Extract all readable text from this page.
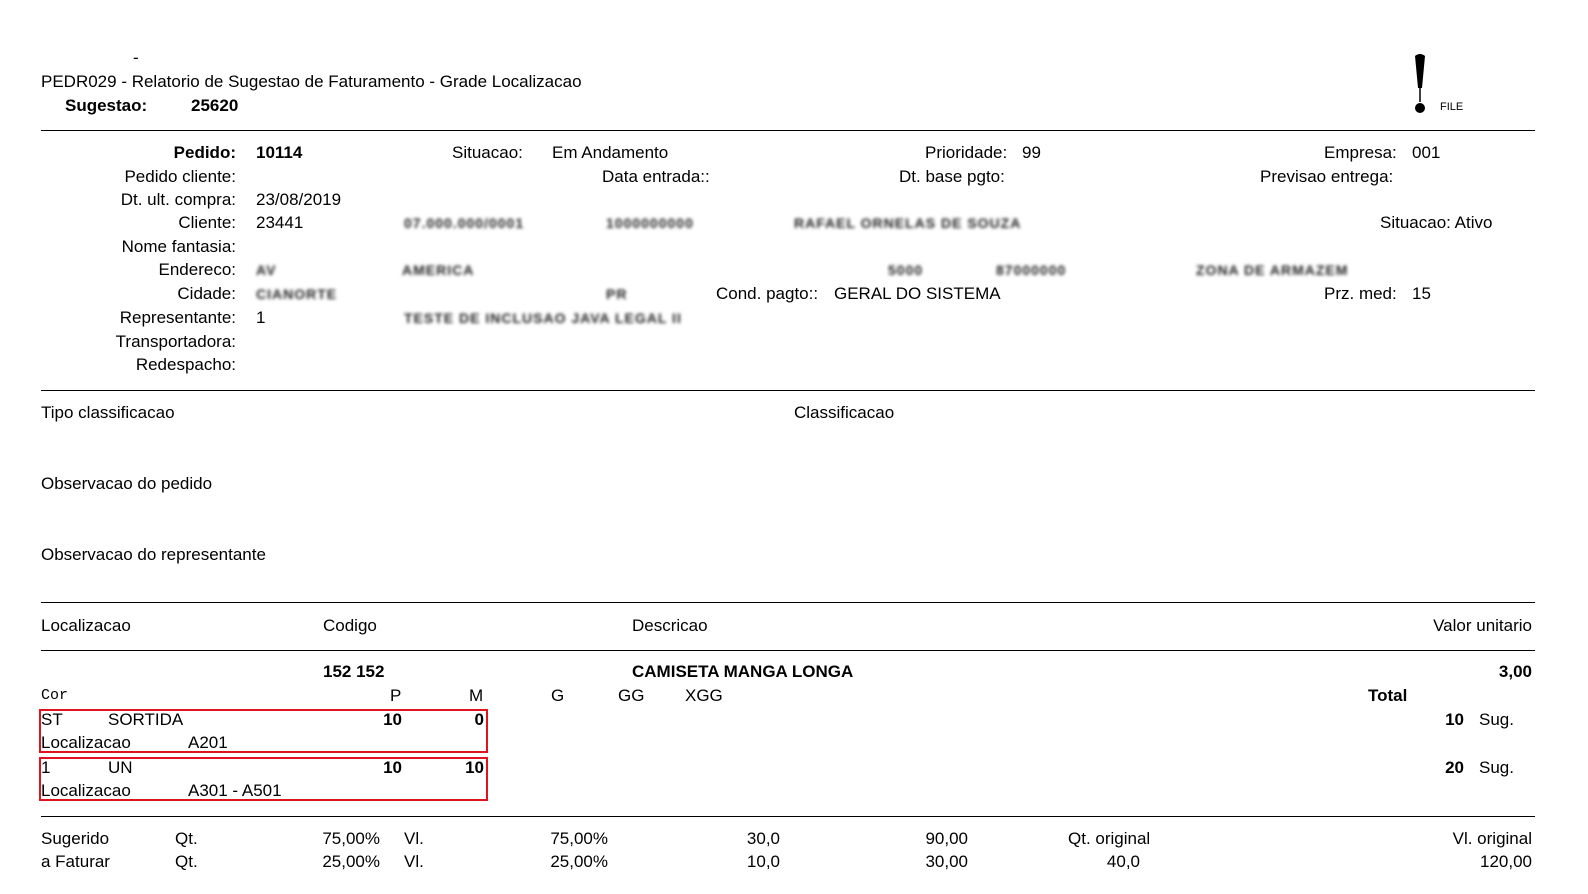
-
PEDR029 - Relatorio de Sugestao de Faturamento - Grade Localizacao
Sugestao:	25620	FILE
Pedido: 10114	Situacao: Em Andamento	Prioridade: 99	Empresa: 001
Pedido cliente:	Data entrada::	Dt. base pgto:	Previsao entrega:
Dt. ult. compra: 23/08/2019
Cliente: 23441	07.000.000/0001	1000000000	RAFAEL ORNELAS DE SOUZA	Situacao: Ativo
Nome fantasia:
Endereco: AV	AMERICA	5000	87000000	ZONA DE ARMAZEM
Cidade: CIANORTE	PR	Cond. pagto:: GERAL DO SISTEMA	Prz. med: 15
Representante: 1	TESTE DE INCLUSAO JAVA LEGAL II
Transportadora:
Redespacho:
Tipo classificacao	Classificacao
Observacao do pedido
Observacao do representante
Localizacao	Codigo	Descricao	Valor unitario
152 152	CAMISETA MANGA LONGA	3,00
Cor	P	M	G	GG XGG	Total
ST	SORTIDA	10	0	10 Sug.
Localizacao	A201
1	UN	10	10	20 Sug.
Localizacao	A301 - A501
Sugerido	Qt.	75,00% Vl.	75,00%	30,0	90,00	Qt. original	Vl. original
a Faturar	Qt.	25,00% Vl.	25,00%	10,0	30,00	40,0	120,00
